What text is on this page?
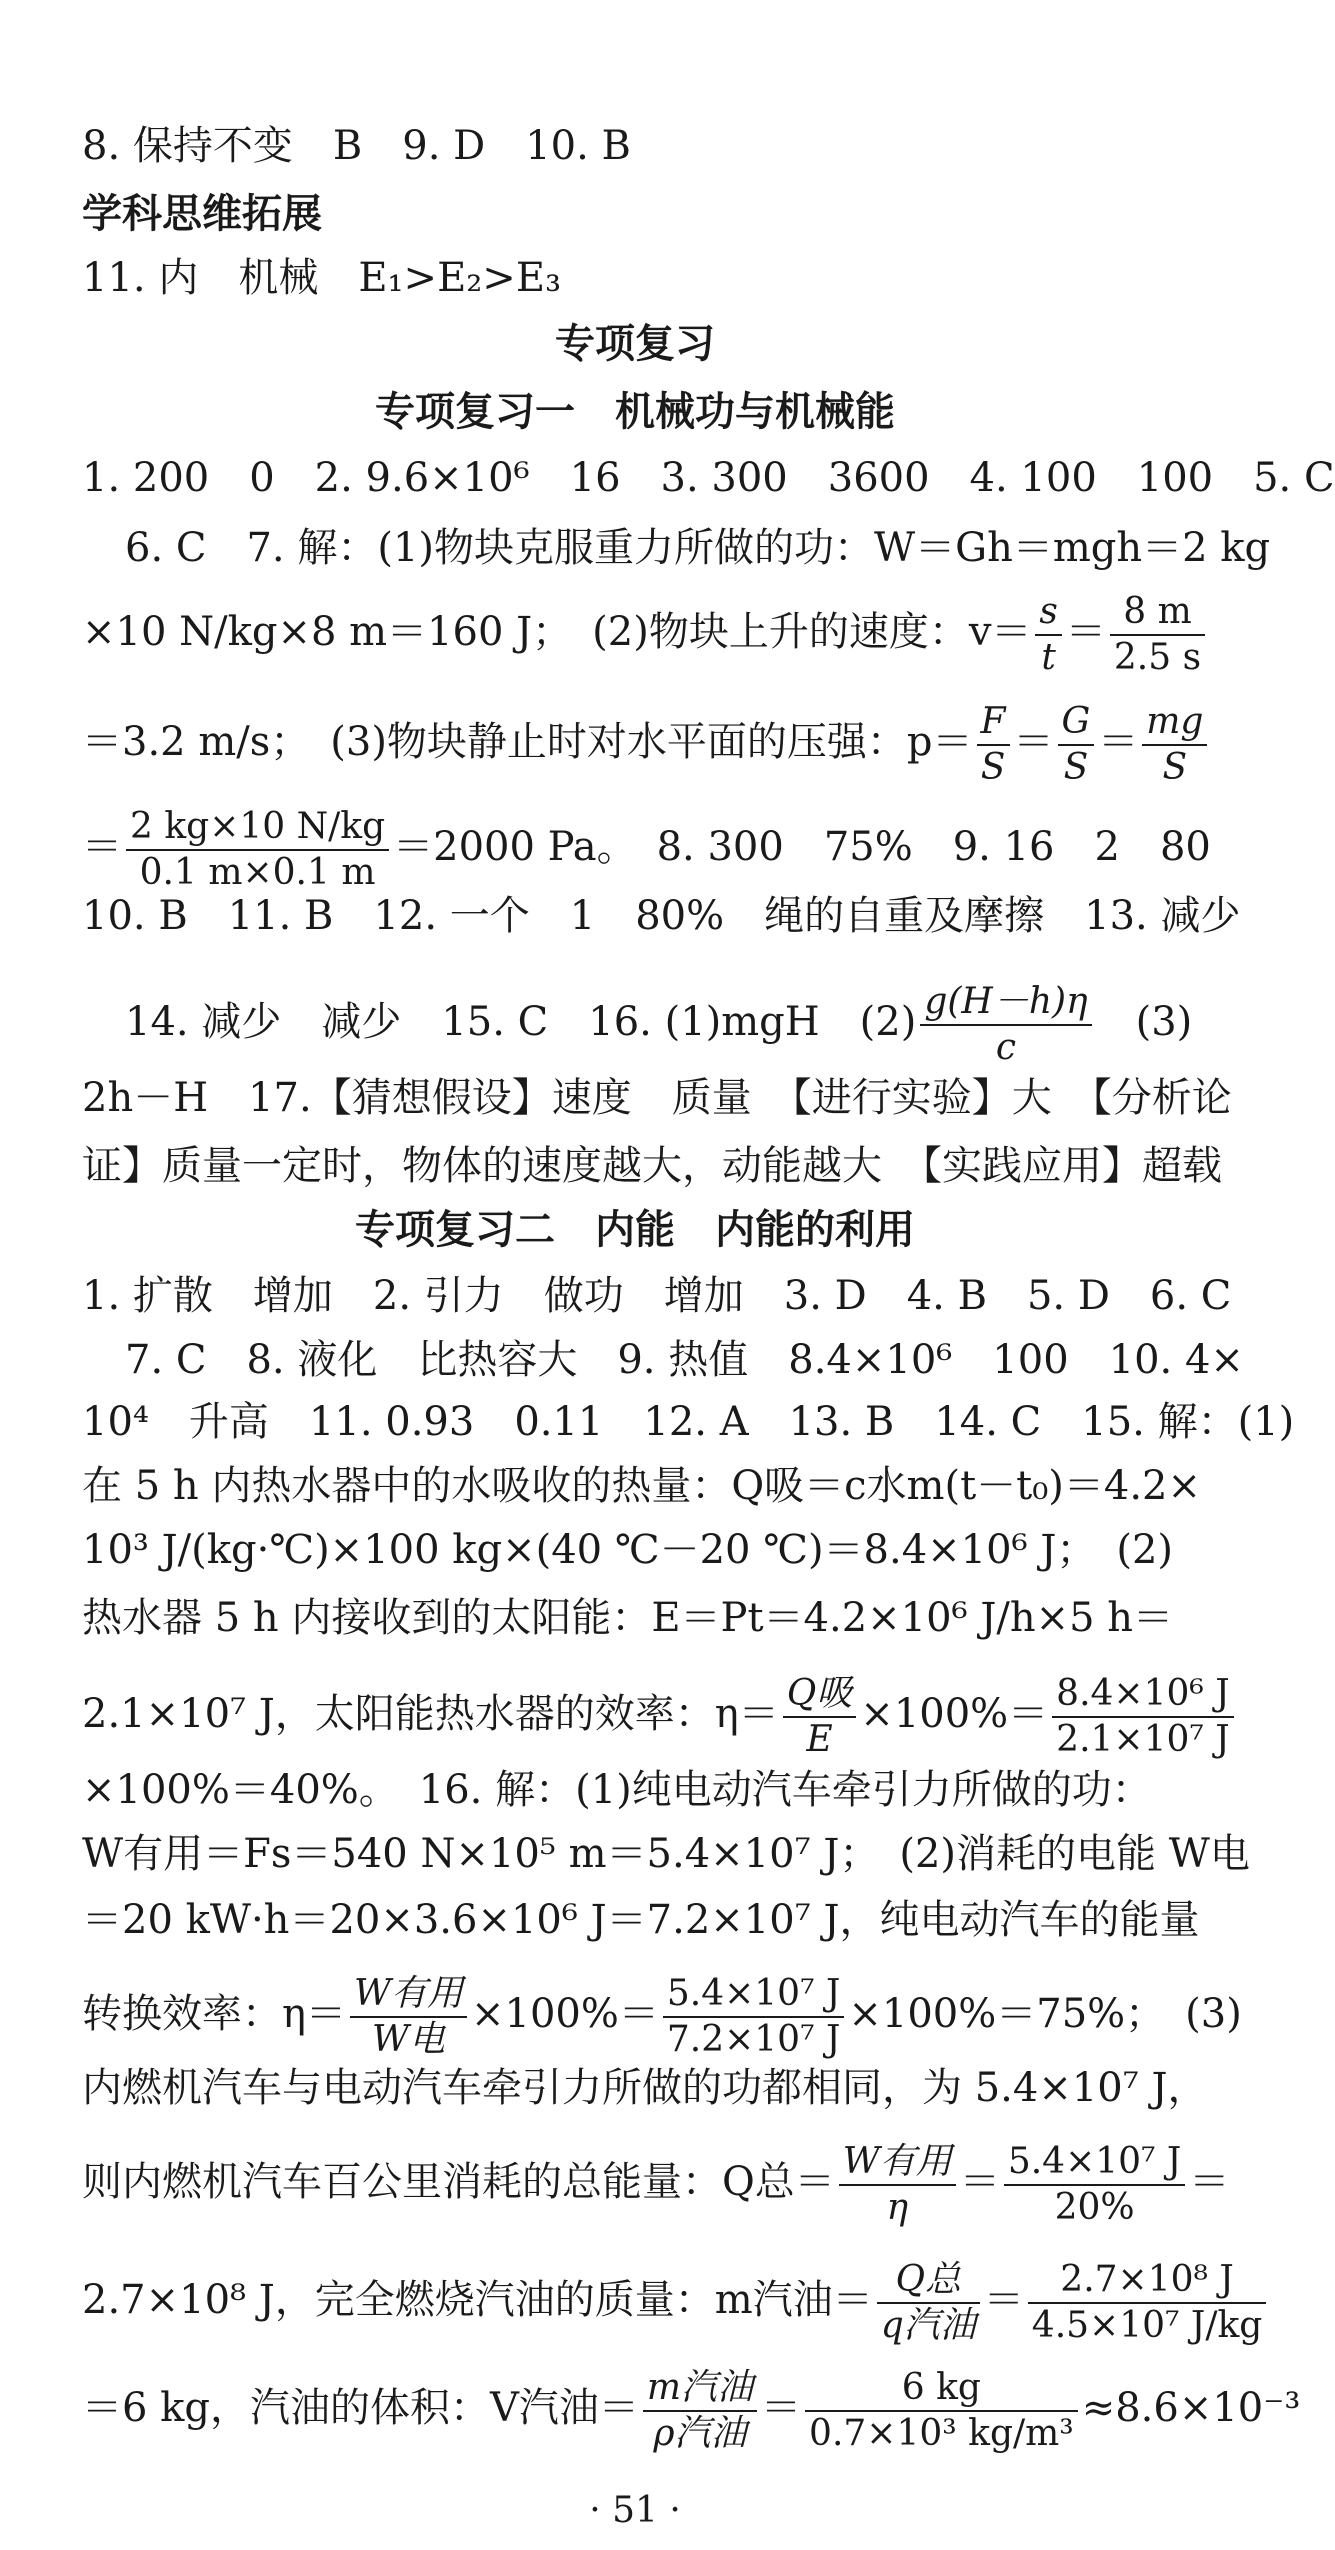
8. 保持不变　B　9. D　10. B
学科思维拓展
11. 内　机械　E₁>E₂>E₃
专项复习
专项复习一　机械功与机械能
1. 200　0　2. 9.6×10⁶　16　3. 300　3600　4. 100　100　5. C
6. C　7. 解：(1)物块克服重力所做的功：W＝Gh＝mgh＝2 kg
×10 N/kg×8 m＝160 J；　(2)物块上升的速度：$v= \frac{s}{t} = \frac{8 m}{2.5 s}$
＝3.2 m/s；　(3)物块静止时对水平面的压强：$p= \frac{F}{S} = \frac{G}{S} = \frac{mg}{S}$
＝ $\frac{2 kg\times 10 N/kg}{0.1 m\times 0.1 m} =2000$ Pa。　8. 300　75%　9. 16　2　80
10. B　11. B　12. 一个　1　80%　绳的自重及摩擦　13. 减少
14. 减少　减少　15. C　16. (1)mgH　$(2) \frac{g(H-h)\eta}{c}$ 　(3)
2h－H　17.【猜想假设】速度　质量　【进行实验】大　【分析论
证】质量一定时，物体的速度越大，动能越大　【实践应用】超载
专项复习二　内能　内能的利用
1. 扩散　增加　2. 引力　做功　增加　3. D　4. B　5. D　6. C
7. C　8. 液化　比热容大　9. 热值　8.4×10⁶　100　10. 4×
10⁴　升高　11. 0.93　0.11　12. A　13. B　14. C　15. 解：(1)
在 5 h 内热水器中的水吸收的热量：Q吸＝c水m(t－t₀)＝4.2×
10³ J/(kg·℃)×100 kg×(40 ℃－20 ℃)＝8.4×10⁶ J；　(2)
热水器 5 h 内接收到的太阳能：E＝Pt＝4.2×10⁶ J/h×5 h＝
2.1×10⁷ J，太阳能热水器的效率：$\eta= \frac{\text{Q吸}}{E} \times 100\%= \frac{\text{8.4×10⁶ J}}{\text{2.1×10⁷ J}}$
×100%＝40%。　16. 解：(1)纯电动汽车牵引力所做的功：
W有用＝Fs＝540 N×10⁵ m＝5.4×10⁷ J；　(2)消耗的电能 W电
＝20 kW·h＝20×3.6×10⁶ J＝7.2×10⁷ J，纯电动汽车的能量
转换效率：$\eta= \frac{\text{W有用}}{\text{W电}} \times 100\%= \frac{\text{5.4×10⁷ J}}{\text{7.2×10⁷ J}} \times 100\%=75\%$；　(3)
内燃机汽车与电动汽车牵引力所做的功都相同，为 5.4×10⁷ J，
则内燃机汽车百公里消耗的总能量：Q总＝ $\frac{\text{W有用}}{\eta} = \frac{\text{5.4×10⁷ J}}{20\%}$ ＝
2.7×10⁸ J，完全燃烧汽油的质量：m汽油＝ $\frac{\text{Q总}}{\text{q汽油}} = \frac{\text{2.7×10⁸ J}}{\text{4.5×10⁷ J/kg}}$
＝6 kg，汽油的体积：V汽油＝ $\frac{\text{m汽油}}{\text{ρ汽油}} = \frac{6 kg}{\text{0.7×10³ kg/m³}} \approx 8.6\times 10^{-3}$
· 51 ·
